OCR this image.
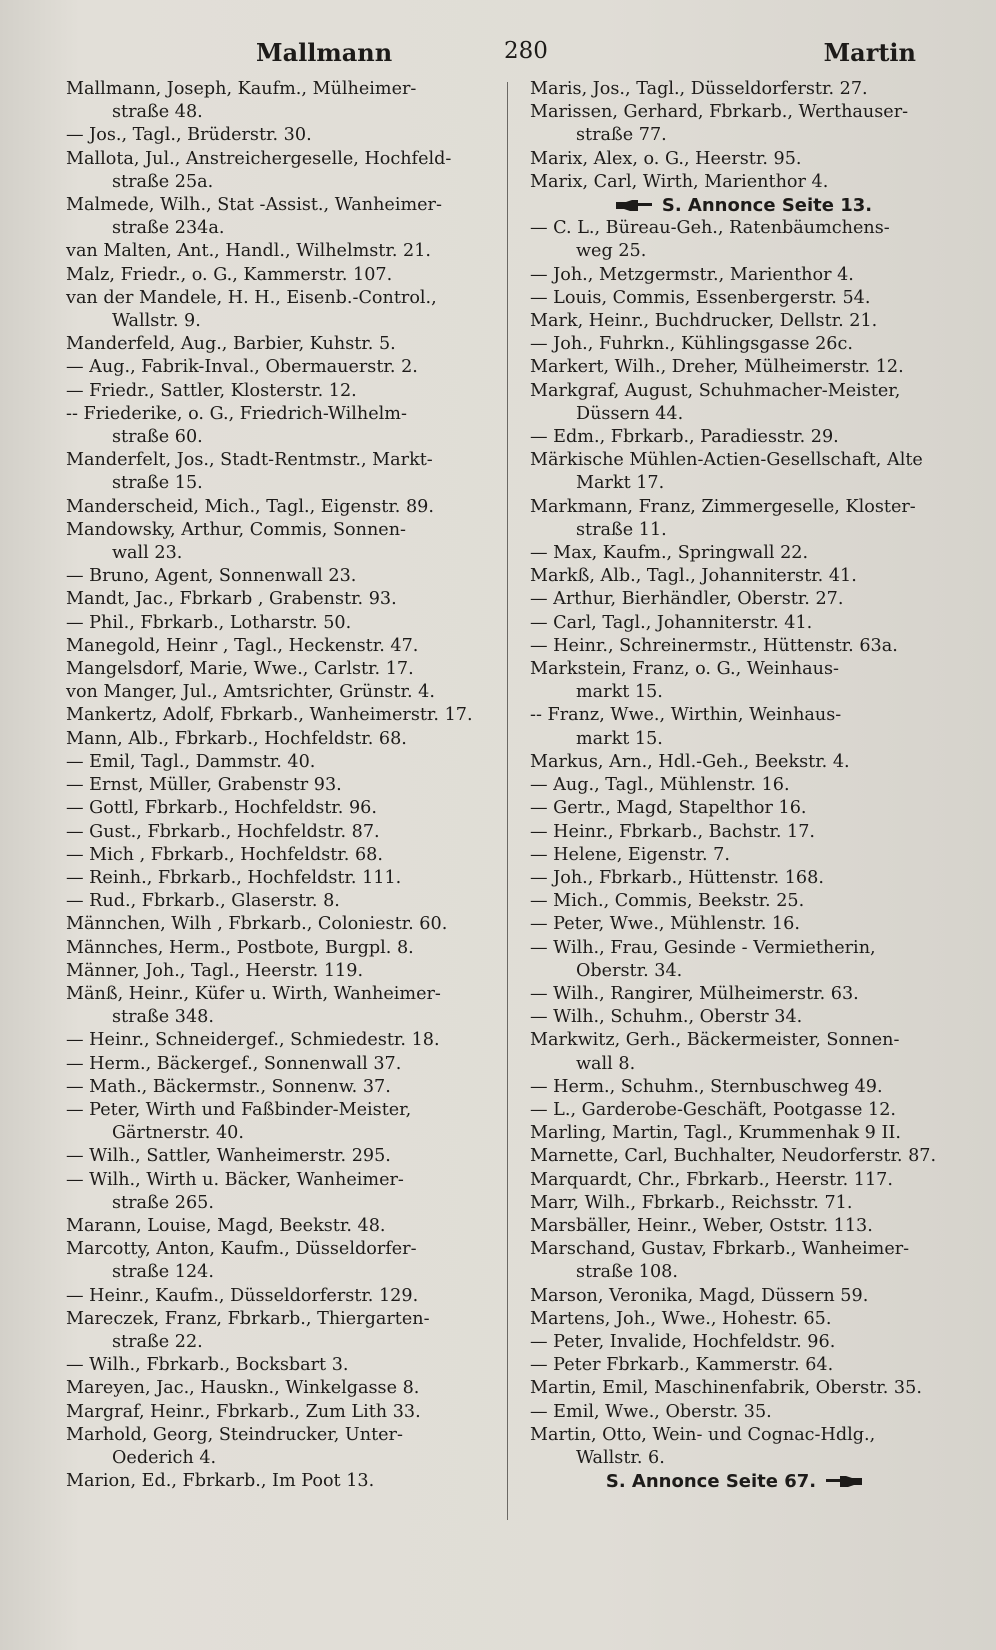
Mallmann	280	Martin

Mallmann, Joseph, Kaufm., Mülheimer-
straße 48.

— Jos., Tagl., Brüderstr. 30.

Mallota, Jul., Anstreichergeselle, Hochfeld-
straße 25a.

Malmede, Wilh., Stat -Assist., Wanheimer-
straße 234a.

van Malten, Ant., Handl., Wilhelmstr. 21.

Malz, Friedr., o. G., Kammerstr. 107.

van der Mandele, H. H., Eisenb.-Control.,
Wallstr. 9.

Manderfeld, Aug., Barbier, Kuhstr. 5.

— Aug., Fabrik-Inval., Obermauerstr. 2.

— Friedr., Sattler, Klosterstr. 12.

-- Friederike, o. G., Friedrich-Wilhelm-
straße 60.

Manderfelt, Jos., Stadt-Rentmstr., Markt-
straße 15.

Manderscheid, Mich., Tagl., Eigenstr. 89.

Mandowsky, Arthur, Commis, Sonnen-
wall 23.

— Bruno, Agent, Sonnenwall 23.

Mandt, Jac., Fbrkarb , Grabenstr. 93.

— Phil., Fbrkarb., Lotharstr. 50.

Manegold, Heinr , Tagl., Heckenstr. 47.

Mangelsdorf, Marie, Wwe., Carlstr. 17.

von Manger, Jul., Amtsrichter, Grünstr. 4.

Mankertz, Adolf, Fbrkarb., Wanheimerstr. 17.

Mann, Alb., Fbrkarb., Hochfeldstr. 68.

— Emil, Tagl., Dammstr. 40.

— Ernst, Müller, Grabenstr 93.

— Gottl, Fbrkarb., Hochfeldstr. 96.

— Gust., Fbrkarb., Hochfeldstr. 87.

— Mich , Fbrkarb., Hochfeldstr. 68.

— Reinh., Fbrkarb., Hochfeldstr. 111.

— Rud., Fbrkarb., Glaserstr. 8.

Männchen, Wilh , Fbrkarb., Coloniestr. 60.

Männches, Herm., Postbote, Burgpl. 8.

Männer, Joh., Tagl., Heerstr. 119.

Mänß, Heinr., Küfer u. Wirth, Wanheimer-
straße 348.

— Heinr., Schneidergef., Schmiedestr. 18.

— Herm., Bäckergef., Sonnenwall 37.

— Math., Bäckermstr., Sonnenw. 37.

— Peter, Wirth und Faßbinder-Meister,
Gärtnerstr. 40.

— Wilh., Sattler, Wanheimerstr. 295.

— Wilh., Wirth u. Bäcker, Wanheimer-
straße 265.

Marann, Louise, Magd, Beekstr. 48.

Marcotty, Anton, Kaufm., Düsseldorfer-
straße 124.

— Heinr., Kaufm., Düsseldorferstr. 129.

Mareczek, Franz, Fbrkarb., Thiergarten-
straße 22.

— Wilh., Fbrkarb., Bocksbart 3.

Mareyen, Jac., Hauskn., Winkelgasse 8.

Margraf, Heinr., Fbrkarb., Zum Lith 33.

Marhold, Georg, Steindrucker, Unter-
Oederich 4.

Marion, Ed., Fbrkarb., Im Poot 13.

Maris, Jos., Tagl., Düsseldorferstr. 27.

Marissen, Gerhard, Fbrkarb., Werthauser-
straße 77.

Marix, Alex, o. G., Heerstr. 95.

Marix, Carl, Wirth, Marienthor 4.

S. Annonce Seite 13.

— C. L., Büreau-Geh., Ratenbäumchens-
weg 25.

— Joh., Metzgermstr., Marienthor 4.

— Louis, Commis, Essenbergerstr. 54.

Mark, Heinr., Buchdrucker, Dellstr. 21.

— Joh., Fuhrkn., Kühlingsgasse 26c.

Markert, Wilh., Dreher, Mülheimerstr. 12.

Markgraf, August, Schuhmacher-Meister,
Düssern 44.

— Edm., Fbrkarb., Paradiesstr. 29.

Märkische Mühlen-Actien-Gesellschaft, Alte
Markt 17.

Markmann, Franz, Zimmergeselle, Kloster-
straße 11.

— Max, Kaufm., Springwall 22.

Markß, Alb., Tagl., Johanniterstr. 41.

— Arthur, Bierhändler, Oberstr. 27.

— Carl, Tagl., Johanniterstr. 41.

— Heinr., Schreinermstr., Hüttenstr. 63a.

Markstein, Franz, o. G., Weinhaus-
markt 15.

-- Franz, Wwe., Wirthin, Weinhaus-
markt 15.

Markus, Arn., Hdl.-Geh., Beekstr. 4.

— Aug., Tagl., Mühlenstr. 16.

— Gertr., Magd, Stapelthor 16.

— Heinr., Fbrkarb., Bachstr. 17.

— Helene, Eigenstr. 7.

— Joh., Fbrkarb., Hüttenstr. 168.

— Mich., Commis, Beekstr. 25.

— Peter, Wwe., Mühlenstr. 16.

— Wilh., Frau, Gesinde - Vermietherin,
Oberstr. 34.

— Wilh., Rangirer, Mülheimerstr. 63.

— Wilh., Schuhm., Oberstr 34.

Markwitz, Gerh., Bäckermeister, Sonnen-
wall 8.

— Herm., Schuhm., Sternbuschweg 49.

— L., Garderobe-Geschäft, Pootgasse 12.

Marling, Martin, Tagl., Krummenhak 9 II.

Marnette, Carl, Buchhalter, Neudorferstr. 87.

Marquardt, Chr., Fbrkarb., Heerstr. 117.

Marr, Wilh., Fbrkarb., Reichsstr. 71.

Marsbäller, Heinr., Weber, Oststr. 113.

Marschand, Gustav, Fbrkarb., Wanheimer-
straße 108.

Marson, Veronika, Magd, Düssern 59.

Martens, Joh., Wwe., Hohestr. 65.

— Peter, Invalide, Hochfeldstr. 96.

— Peter Fbrkarb., Kammerstr. 64.

Martin, Emil, Maschinenfabrik, Oberstr. 35.

— Emil, Wwe., Oberstr. 35.

Martin, Otto, Wein- und Cognac-Hdlg.,
Wallstr. 6.

S. Annonce Seite 67.
